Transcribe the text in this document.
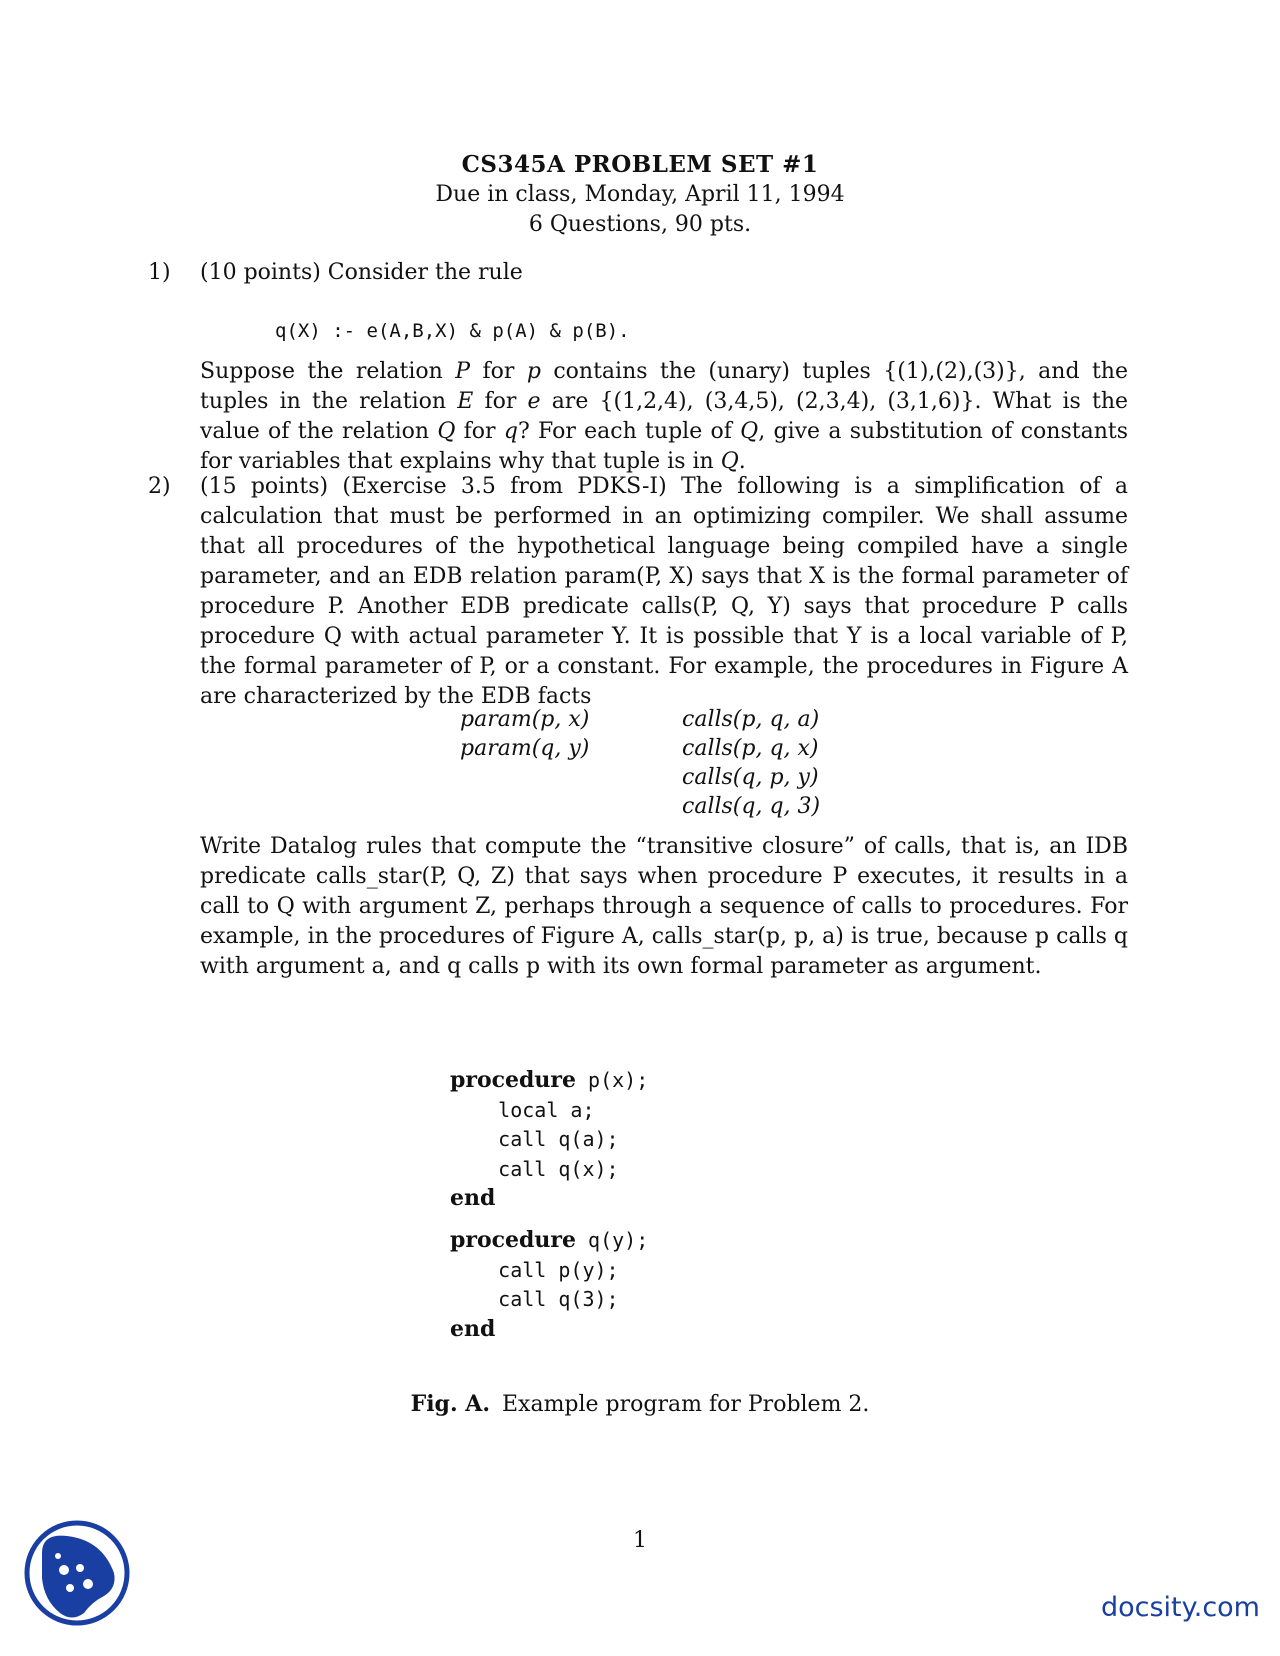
CS345A PROBLEM SET #1
Due in class, Monday, April 11, 1994
6 Questions, 90 pts.
1) (10 points) Consider the rule

q(X) :- e(A,B,X) & p(A) & p(B).

Suppose the relation P for p contains the (unary) tuples {(1),(2),(3)}, and the tuples in the relation E for e are {(1,2,4), (3,4,5), (2,3,4), (3,1,6)}. What is the value of the relation Q for q? For each tuple of Q, give a substitution of constants for variables that explains why that tuple is in Q.

2) (15 points) (Exercise 3.5 from PDKS-I) The following is a simplification of a calculation that must be performed in an optimizing compiler. We shall assume that all procedures of the hypothetical language being compiled have a single parameter, and an EDB relation param(P, X) says that X is the formal parameter of procedure P. Another EDB predicate calls(P, Q, Y) says that procedure P calls procedure Q with actual parameter Y. It is possible that Y is a local variable of P, the formal parameter of P, or a constant. For example, the procedures in Figure A are characterized by the EDB facts

param(p, x)
param(q, y)
calls(p, q, a)
calls(p, q, x)
calls(q, p, y)
calls(q, q, 3)

Write Datalog rules that compute the “transitive closure” of calls, that is, an IDB predicate calls_star(P, Q, Z) that says when procedure P executes, it results in a call to Q with argument Z, perhaps through a sequence of calls to procedures. For example, in the procedures of Figure A, calls_star(p, p, a) is true, because p calls q with argument a, and q calls p with its own formal parameter as argument.

procedure p(x);
local a;
call q(a);
call q(x);
end
procedure q(y);
call p(y);
call q(3);
end
Fig. A. Example program for Problem 2.
1
docsity.com
